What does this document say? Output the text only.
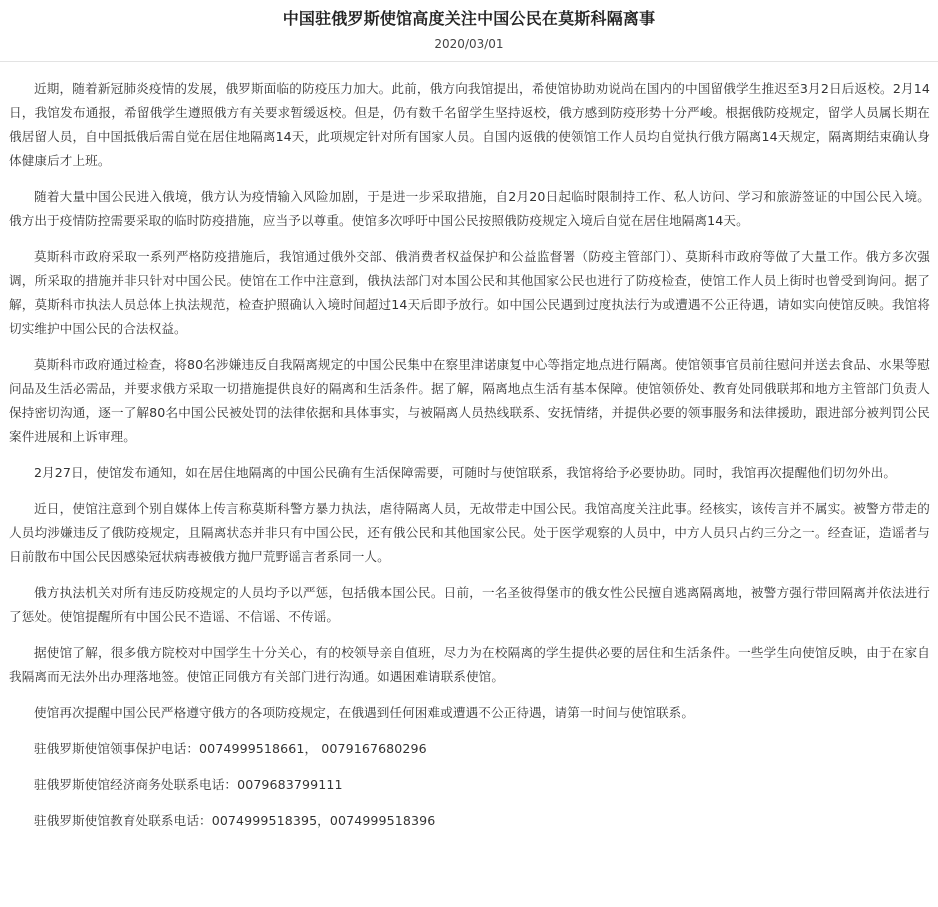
中国驻俄罗斯使馆高度关注中国公民在莫斯科隔离事
2020/03/01

近期，随着新冠肺炎疫情的发展，俄罗斯面临的防疫压力加大。此前，俄方向我馆提出，希使馆协助劝说尚在国内的中国留俄学生推迟至3月2日后返校。2月14日，我馆发布通报，希留俄学生遵照俄方有关要求暂缓返校。但是，仍有数千名留学生坚持返校，俄方感到防疫形势十分严峻。根据俄防疫规定，留学人员属长期在俄居留人员，自中国抵俄后需自觉在居住地隔离14天，此项规定针对所有国家人员。自国内返俄的使领馆工作人员均自觉执行俄方隔离14天规定，隔离期结束确认身体健康后才上班。

随着大量中国公民进入俄境，俄方认为疫情输入风险加剧，于是进一步采取措施，自2月20日起临时限制持工作、私人访问、学习和旅游签证的中国公民入境。俄方出于疫情防控需要采取的临时防疫措施，应当予以尊重。使馆多次呼吁中国公民按照俄防疫规定入境后自觉在居住地隔离14天。

莫斯科市政府采取一系列严格防疫措施后，我馆通过俄外交部、俄消费者权益保护和公益监督署（防疫主管部门）、莫斯科市政府等做了大量工作。俄方多次强调，所采取的措施并非只针对中国公民。使馆在工作中注意到，俄执法部门对本国公民和其他国家公民也进行了防疫检查，使馆工作人员上街时也曾受到询问。据了解，莫斯科市执法人员总体上执法规范，检查护照确认入境时间超过14天后即予放行。如中国公民遇到过度执法行为或遭遇不公正待遇，请如实向使馆反映。我馆将切实维护中国公民的合法权益。

莫斯科市政府通过检查，将80名涉嫌违反自我隔离规定的中国公民集中在察里津诺康复中心等指定地点进行隔离。使馆领事官员前往慰问并送去食品、水果等慰问品及生活必需品，并要求俄方采取一切措施提供良好的隔离和生活条件。据了解，隔离地点生活有基本保障。使馆领侨处、教育处同俄联邦和地方主管部门负责人保持密切沟通，逐一了解80名中国公民被处罚的法律依据和具体事实，与被隔离人员热线联系、安抚情绪，并提供必要的领事服务和法律援助，跟进部分被判罚公民案件进展和上诉审理。

2月27日，使馆发布通知，如在居住地隔离的中国公民确有生活保障需要，可随时与使馆联系，我馆将给予必要协助。同时，我馆再次提醒他们切勿外出。

近日，使馆注意到个别自媒体上传言称莫斯科警方暴力执法，虐待隔离人员，无故带走中国公民。我馆高度关注此事。经核实，该传言并不属实。被警方带走的人员均涉嫌违反了俄防疫规定，且隔离状态并非只有中国公民，还有俄公民和其他国家公民。处于医学观察的人员中，中方人员只占约三分之一。经查证，造谣者与日前散布中国公民因感染冠状病毒被俄方抛尸荒野谣言者系同一人。

俄方执法机关对所有违反防疫规定的人员均予以严惩，包括俄本国公民。日前，一名圣彼得堡市的俄女性公民擅自逃离隔离地，被警方强行带回隔离并依法进行了惩处。使馆提醒所有中国公民不造谣、不信谣、不传谣。

据使馆了解，很多俄方院校对中国学生十分关心，有的校领导亲自值班，尽力为在校隔离的学生提供必要的居住和生活条件。一些学生向使馆反映，由于在家自我隔离而无法外出办理落地签。使馆正同俄方有关部门进行沟通。如遇困难请联系使馆。

使馆再次提醒中国公民严格遵守俄方的各项防疫规定，在俄遇到任何困难或遭遇不公正待遇，请第一时间与使馆联系。

驻俄罗斯使馆领事保护电话：0074999518661， 0079167680296

驻俄罗斯使馆经济商务处联系电话：0079683799111

驻俄罗斯使馆教育处联系电话：0074999518395，0074999518396
